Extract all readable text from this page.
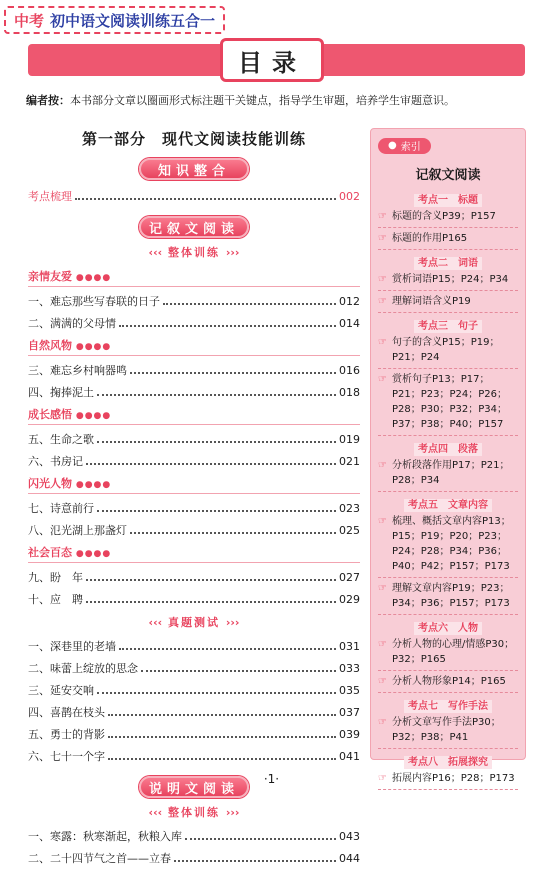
中考 初中语文阅读训练五合一
目录
编者按：本书部分文章以圈画形式标注题干关键点，指导学生审题，培养学生审题意识。
第一部分　现代文阅读技能训练
知识整合
考点梳理	002
记叙文阅读
‹‹‹ 整体训练 ›››
亲情友爱 ●●●●
一、难忘那些写春联的日子	012
二、满满的父母情	014
自然风物 ●●●●
三、难忘乡村响器鸣	016
四、掬捧泥土	018
成长感悟 ●●●●
五、生命之歌	019
六、书房记	021
闪光人物 ●●●●
七、诗意前行	023
八、氾光湖上那盏灯	025
社会百态 ●●●●
九、盼　年	027
十、应　聘	029
‹‹‹ 真题测试 ›››
一、深巷里的老墙	031
二、味蕾上绽放的思念	033
三、延安交响	035
四、喜鹊在枝头	037
五、勇士的背影	039
六、七十一个字	041
说明文阅读
‹‹‹ 整体训练 ›››
一、寒露：秋寒渐起，秋粮入库	043
二、二十四节气之首——立春	044
● 索引
记叙文阅读
考点一　标题
☞ 标题的含义P39；P157
☞ 标题的作用P165
考点二　词语
☞ 赏析词语P15；P24；P34
☞ 理解词语含义P19
考点三　句子
☞ 句子的含义P15；P19；P21；P24
☞ 赏析句子P13；P17；P21；P23；P24；P26；P28；P30；P32；P34；P37；P38；P40；P157
考点四　段落
☞ 分析段落作用P17；P21；P28；P34
考点五　文章内容
☞ 梳理、概括文章内容P13；P15；P19；P20；P23；P24；P28；P34；P36；P40；P42；P157；P173
☞ 理解文章内容P19；P23；P34；P36；P157；P173
考点六　人物
☞ 分析人物的心理/情感P30；P32；P165
☞ 分析人物形象P14；P165
考点七　写作手法
☞ 分析文章写作手法P30；P32；P38；P41
考点八　拓展探究
☞ 拓展内容P16；P28；P173
·1·
